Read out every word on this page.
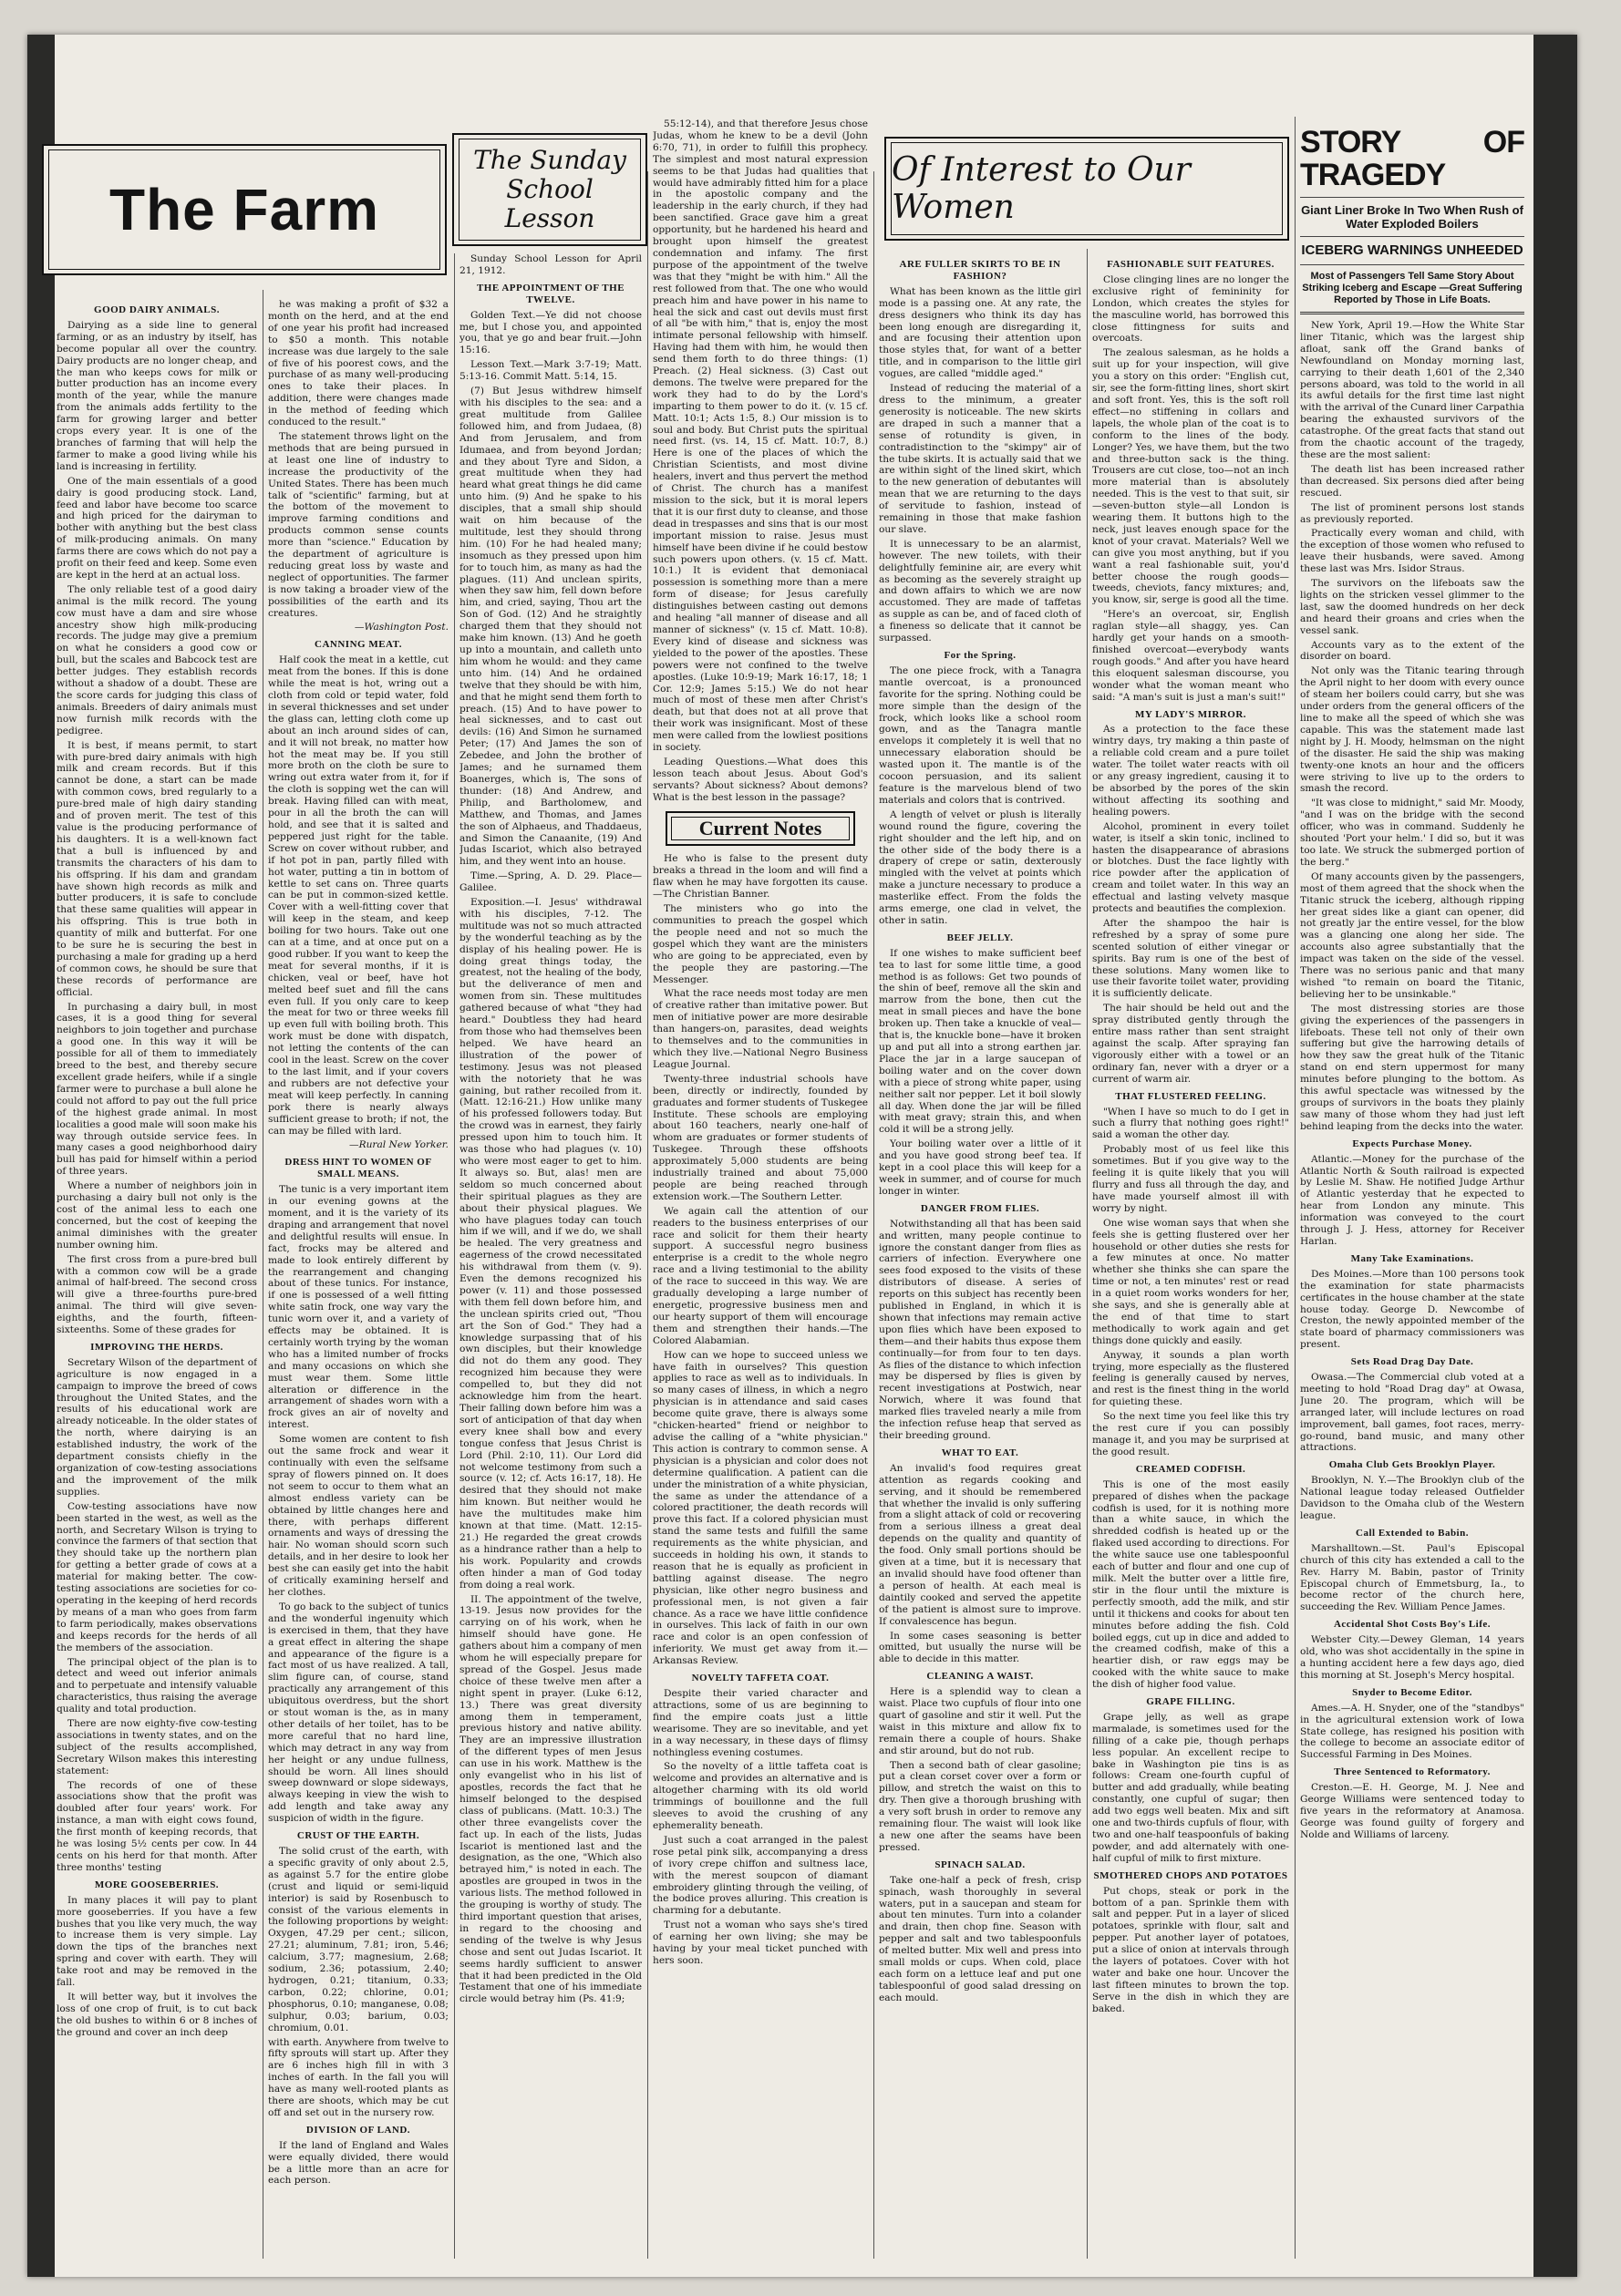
The Farm
The Sunday
School Lesson
Of Interest to Our Women
GOOD DAIRY ANIMALS.

Dairying as a side line to general farming, or as an industry by itself, has become popular all over the country. Dairy products are no longer cheap, and the man who keeps cows for milk or butter production has an income every month of the year, while the manure from the animals adds fertility to the farm for growing larger and better crops every year. It is one of the branches of farming that will help the farmer to make a good living while his land is increasing in fertility.

One of the main essentials of a good dairy is good producing stock. Land, feed and labor have become too scarce and high priced for the dairyman to bother with anything but the best class of milk-producing animals. On many farms there are cows which do not pay a profit on their feed and keep. Some even are kept in the herd at an actual loss.

The only reliable test of a good dairy animal is the milk record. The young cow must have a dam and sire whose ancestry show high milk-producing records. The judge may give a premium on what he considers a good cow or bull, but the scales and Babcock test are better judges. They establish records without a shadow of a doubt. These are the score cards for judging this class of animals. Breeders of dairy animals must now furnish milk records with the pedigree.

It is best, if means permit, to start with pure-bred dairy animals with high milk and cream records. But if this cannot be done, a start can be made with common cows, bred regularly to a pure-bred male of high dairy standing and of proven merit. The test of this value is the producing performance of his daughters. It is a well-known fact that a bull is influenced by and transmits the characters of his dam to his offspring. If his dam and grandam have shown high records as milk and butter producers, it is safe to conclude that these same qualities will appear in his offspring. This is true both in quantity of milk and butterfat. For one to be sure he is securing the best in purchasing a male for grading up a herd of common cows, he should be sure that these records of performance are official.

In purchasing a dairy bull, in most cases, it is a good thing for several neighbors to join together and purchase a good one. In this way it will be possible for all of them to immediately breed to the best, and thereby secure excellent grade heifers, while if a single farmer were to purchase a bull alone he could not afford to pay out the full price of the highest grade animal. In most localities a good male will soon make his way through outside service fees. In many cases a good neighborhood dairy bull has paid for himself within a period of three years.

Where a number of neighbors join in purchasing a dairy bull not only is the cost of the animal less to each one concerned, but the cost of keeping the animal diminishes with the greater number owning him.

The first cross from a pure-bred bull with a common cow will be a grade animal of half-breed. The second cross will give a three-fourths pure-bred animal. The third will give seven-eighths, and the fourth, fifteen-sixteenths. Some of these grades for

IMPROVING THE HERDS.

Secretary Wilson of the department of agriculture is now engaged in a campaign to improve the breed of cows throughout the United States, and the results of his educational work are already noticeable. In the older states of the north, where dairying is an established industry, the work of the department consists chiefly in the organization of cow-testing associations and the improvement of the milk supplies.

Cow-testing associations have now been started in the west, as well as the north, and Secretary Wilson is trying to convince the farmers of that section that they should take up the northern plan for getting a better grade of cows at a material for making better. The cow-testing associations are societies for co-operating in the keeping of herd records by means of a man who goes from farm to farm periodically, makes observations and keeps records for the herds of all the members of the association.

The principal object of the plan is to detect and weed out inferior animals and to perpetuate and intensify valuable characteristics, thus raising the average quality and total production.

There are now eighty-five cow-testing associations in twenty states, and on the subject of the results accomplished, Secretary Wilson makes this interesting statement:

The records of one of these associations show that the profit was doubled after four years' work. For instance, a man with eight cows found, the first month of keeping records, that he was losing 5½ cents per cow. In 44 cents on his herd for that month. After three months' testing

MORE GOOSEBERRIES.

In many places it will pay to plant more gooseberries. If you have a few bushes that you like very much, the way to increase them is very simple. Lay down the tips of the branches next spring and cover with earth. They will take root and may be removed in the fall.

It will better way, but it involves the loss of one crop of fruit, is to cut back the old bushes to within 6 or 8 inches of the ground and cover an inch deep

he was making a profit of $32 a month on the herd, and at the end of one year his profit had increased to $50 a month. This notable increase was due largely to the sale of five of his poorest cows, and the purchase of as many well-producing ones to take their places. In addition, there were changes made in the method of feeding which conduced to the result."

The statement throws light on the methods that are being pursued in at least one line of industry to increase the productivity of the United States. There has been much talk of "scientific" farming, but at the bottom of the movement to improve farming conditions and products common sense counts more than "science." Education by the department of agriculture is reducing great loss by waste and neglect of opportunities. The farmer is now taking a broader view of the possibilities of the earth and its creatures.

—Washington Post.
CANNING MEAT.

Half cook the meat in a kettle, cut meat from the bones. If this is done while the meat is hot, wring out a cloth from cold or tepid water, fold in several thicknesses and set under the glass can, letting cloth come up about an inch around sides of can, and it will not break, no matter how hot the meat may be. If you still more broth on the cloth be sure to wring out extra water from it, for if the cloth is sopping wet the can will break. Having filled can with meat, pour in all the broth the can will hold, and see that it is salted and peppered just right for the table. Screw on cover without rubber, and if hot pot in pan, partly filled with hot water, putting a tin in bottom of kettle to set cans on. Three quarts can be put in common-sized kettle. Cover with a well-fitting cover that will keep in the steam, and keep boiling for two hours. Take out one can at a time, and at once put on a good rubber. If you want to keep the meat for several months, if it is chicken, veal or beef, have hot melted beef suet and fill the cans even full. If you only care to keep the meat for two or three weeks fill up even full with boiling broth. This work must be done with dispatch, not letting the contents of the can cool in the least. Screw on the cover to the last limit, and if your covers and rubbers are not defective your meat will keep perfectly. In canning pork there is nearly always sufficient grease to broth; if not, the can may be filled with lard.

—Rural New Yorker.
DRESS HINT TO WOMEN OF SMALL MEANS.

The tunic is a very important item in our evening gowns at the moment, and it is the variety of its draping and arrangement that novel and delightful results will ensue. In fact, frocks may be altered and made to look entirely different by the rearrangement and changing about of these tunics. For instance, if one is possessed of a well fitting white satin frock, one way vary the tunic worn over it, and a variety of effects may be obtained. It is certainly worth trying by the woman who has a limited number of frocks and many occasions on which she must wear them. Some little alteration or difference in the arrangement of shades worn with a frock gives an air of novelty and interest.

Some women are content to fish out the same frock and wear it continually with even the selfsame spray of flowers pinned on. It does not seem to occur to them what an almost endless variety can be obtained by little changes here and there, with perhaps different ornaments and ways of dressing the hair. No woman should scorn such details, and in her desire to look her best she can easily get into the habit of critically examining herself and her clothes.

To go back to the subject of tunics and the wonderful ingenuity which is exercised in them, that they have a great effect in altering the shape and appearance of the figure is a fact most of us have realized. A tall, slim figure can, of course, stand practically any arrangement of this ubiquitous overdress, but the short or stout woman is the, as in many other details of her toilet, has to be more careful that no hard line, which may detract in any way from her height or any undue fullness, should be worn. All lines should sweep downward or slope sideways, always keeping in view the wish to add length and take away any suspicion of width in the figure.

CRUST OF THE EARTH.

The solid crust of the earth, with a specific gravity of only about 2.5, as against 5.7 for the entire globe (crust and liquid or semi-liquid interior) is said by Rosenbusch to consist of the various elements in the following proportions by weight: Oxygen, 47.29 per cent.; silicon, 27.21; aluminum, 7.81; iron, 5.46; calcium, 3.77; magnesium, 2.68; sodium, 2.36; potassium, 2.40; hydrogen, 0.21; titanium, 0.33; carbon, 0.22; chlorine, 0.01; phosphorus, 0.10; manganese, 0.08; sulphur, 0.03; barium, 0.03; chromium, 0.01.

with earth. Anywhere from twelve to fifty sprouts will start up. After they are 6 inches high fill in with 3 inches of earth. In the fall you will have as many well-rooted plants as there are shoots, which may be cut off and set out in the nursery row.

DIVISION OF LAND.

If the land of England and Wales were equally divided, there would be a little more than an acre for each person.

Sunday School Lesson for April 21, 1912.

THE APPOINTMENT OF THE TWELVE.

Golden Text.—Ye did not choose me, but I chose you, and appointed you, that ye go and bear fruit.—John 15:16.

Lesson Text.—Mark 3:7-19; Matt. 5:13-16. Commit Matt. 5:14, 15.

(7) But Jesus withdrew himself with his disciples to the sea: and a great multitude from Galilee followed him, and from Judaea, (8) And from Jerusalem, and from Idumaea, and from beyond Jordan; and they about Tyre and Sidon, a great multitude when they had heard what great things he did came unto him. (9) And he spake to his disciples, that a small ship should wait on him because of the multitude, lest they should throng him. (10) For he had healed many; insomuch as they pressed upon him for to touch him, as many as had the plagues. (11) And unclean spirits, when they saw him, fell down before him, and cried, saying, Thou art the Son of God. (12) And he straightly charged them that they should not make him known. (13) And he goeth up into a mountain, and calleth unto him whom he would: and they came unto him. (14) And he ordained twelve that they should be with him, and that he might send them forth to preach. (15) And to have power to heal sicknesses, and to cast out devils: (16) And Simon he surnamed Peter; (17) And James the son of Zebedee, and John the brother of James; and he surnamed them Boanerges, which is, The sons of thunder: (18) And Andrew, and Philip, and Bartholomew, and Matthew, and Thomas, and James the son of Alphaeus, and Thaddaeus, and Simon the Canaanite, (19) And Judas Iscariot, which also betrayed him, and they went into an house.

Time.—Spring, A. D. 29. Place—Galilee.

Exposition.—I. Jesus' withdrawal with his disciples, 7-12. The multitude was not so much attracted by the wonderful teaching as by the display of his healing power. He is doing great things today, the greatest, not the healing of the body, but the deliverance of men and women from sin. These multitudes gathered because of what "they had heard." Doubtless they had heard from those who had themselves been helped. We have heard an illustration of the power of testimony. Jesus was not pleased with the notoriety that he was gaining, but rather recoiled from it. (Matt. 12:16-21.) How unlike many of his professed followers today. But the crowd was in earnest, they fairly pressed upon him to touch him. It was those who had plagues (v. 10) who were most eager to get to him. It always so. But, alas! men are seldom so much concerned about their spiritual plagues as they are about their physical plagues. We who have plagues today can touch him if we will, and if we do, we shall be healed. The very greatness and eagerness of the crowd necessitated his withdrawal from them (v. 9). Even the demons recognized his power (v. 11) and those possessed with them fell down before him, and the unclean spirits cried out, "Thou art the Son of God." They had a knowledge surpassing that of his own disciples, but their knowledge did not do them any good. They recognized him because they were compelled to, but they did not acknowledge him from the heart. Their falling down before him was a sort of anticipation of that day when every knee shall bow and every tongue confess that Jesus Christ is Lord (Phil. 2:10, 11). Our Lord did not welcome testimony from such a source (v. 12; cf. Acts 16:17, 18). He desired that they should not make him known. But neither would he have the multitudes make him known at that time. (Matt. 12:15-21.) He regarded the great crowds as a hindrance rather than a help to his work. Popularity and crowds often hinder a man of God today from doing a real work.

II. The appointment of the twelve, 13-19. Jesus now provides for the carrying on of his work, when he himself should have gone. He gathers about him a company of men whom he will especially prepare for spread of the Gospel. Jesus made choice of these twelve men after a night spent in prayer. (Luke 6:12, 13.) There was great diversity among them in temperament, previous history and native ability. They are an impressive illustration of the different types of men Jesus can use in his work. Matthew is the only evangelist who in his list of apostles, records the fact that he himself belonged to the despised class of publicans. (Matt. 10:3.) The other three evangelists cover the fact up. In each of the lists, Judas Iscariot is mentioned last and the designation, as the one, "Which also betrayed him," is noted in each. The apostles are grouped in twos in the various lists. The method followed in the grouping is worthy of study. The third important question that arises, in regard to the choosing and sending of the twelve is why Jesus chose and sent out Judas Iscariot. It seems hardly sufficient to answer that it had been predicted in the Old Testament that one of his immediate circle would betray him (Ps. 41:9;

55:12-14), and that therefore Jesus chose Judas, whom he knew to be a devil (John 6:70, 71), in order to fulfill this prophecy. The simplest and most natural expression seems to be that Judas had qualities that would have admirably fitted him for a place in the apostolic company and the leadership in the early church, if they had been sanctified. Grace gave him a great opportunity, but he hardened his heard and brought upon himself the greatest condemnation and infamy. The first purpose of the appointment of the twelve was that they "might be with him." All the rest followed from that. The one who would preach him and have power in his name to heal the sick and cast out devils must first of all "be with him," that is, enjoy the most intimate personal fellowship with himself. Having had them with him, he would then send them forth to do three things: (1) Preach. (2) Heal sickness. (3) Cast out demons. The twelve were prepared for the work they had to do by the Lord's imparting to them power to do it. (v. 15 cf. Matt. 10:1; Acts 1:5, 8.) Our mission is to soul and body. But Christ puts the spiritual need first. (vs. 14, 15 cf. Matt. 10:7, 8.) Here is one of the places of which the Christian Scientists, and most divine healers, invert and thus pervert the method of Christ. The church has a manifest mission to the sick, but it is moral lepers that it is our first duty to cleanse, and those dead in trespasses and sins that is our most important mission to raise. Jesus must himself have been divine if he could bestow such powers upon others. (v. 15 cf. Matt. 10:1.) It is evident that demoniacal possession is something more than a mere form of disease; for Jesus carefully distinguishes between casting out demons and healing "all manner of disease and all manner of sickness" (v. 15 cf. Matt. 10:8). Every kind of disease and sickness was yielded to the power of the apostles. These powers were not confined to the twelve apostles. (Luke 10:9-19; Mark 16:17, 18; 1 Cor. 12:9; James 5:15.) We do not hear much of most of these men after Christ's death, but that does not at all prove that their work was insignificant. Most of these men were called from the lowliest positions in society.

Leading Questions.—What does this lesson teach about Jesus. About God's servants? About sickness? About demons? What is the best lesson in the passage?

Current Notes

He who is false to the present duty breaks a thread in the loom and will find a flaw when he may have forgotten its cause.—The Christian Banner.

The ministers who go into the communities to preach the gospel which the people need and not so much the gospel which they want are the ministers who are going to be appreciated, even by the people they are pastoring.—The Messenger.

What the race needs most today are men of creative rather than imitative power. But men of initiative power are more desirable than hangers-on, parasites, dead weights to themselves and to the communities in which they live.—National Negro Business League Journal.

Twenty-three industrial schools have been, directly or indirectly, founded by graduates and former students of Tuskegee Institute. These schools are employing about 160 teachers, nearly one-half of whom are graduates or former students of Tuskegee. Through these offshoots approximately 5,000 students are being industrially trained and about 75,000 people are being reached through extension work.—The Southern Letter.

We again call the attention of our readers to the business enterprises of our race and solicit for them their hearty support. A successful negro business enterprise is a credit to the whole negro race and a living testimonial to the ability of the race to succeed in this way. We are gradually developing a large number of energetic, progressive business men and our hearty support of them will encourage them and strengthen their hands.—The Colored Alabamian.

How can we hope to succeed unless we have faith in ourselves? This question applies to race as well as to individuals. In so many cases of illness, in which a negro physician is in attendance and said cases become quite grave, there is always some "chicken-hearted" friend or neighbor to advise the calling of a "white physician." This action is contrary to common sense. A physician is a physician and color does not determine qualification. A patient can die under the ministration of a white physician, the same as under the attendance of a colored practitioner, the death records will prove this fact. If a colored physician must stand the same tests and fulfill the same requirements as the white physician, and succeeds in holding his own, it stands to reason that he is equally as proficient in battling against disease. The negro physician, like other negro business and professional men, is not given a fair chance. As a race we have little confidence in ourselves. This lack of faith in our own race and color is an open confession of inferiority. We must get away from it.—Arkansas Review.

NOVELTY TAFFETA COAT.

Despite their varied character and attractions, some of us are beginning to find the empire coats just a little wearisome. They are so inevitable, and yet in a way necessary, in these days of flimsy nothingless evening costumes.

So the novelty of a little taffeta coat is welcome and provides an alternative and is altogether charming with its old world trimmings of bouillonne and the full sleeves to avoid the crushing of any ephemerality beneath.

Just such a coat arranged in the palest rose petal pink silk, accompanying a dress of ivory crepe chiffon and sultness lace, with the merest soupcon of diamant embroidery glinting through the veiling, of the bodice proves alluring. This creation is charming for a debutante.

Trust not a woman who says she's tired of earning her own living; she may be having by your meal ticket punched with hers soon.

ARE FULLER SKIRTS TO BE IN FASHION?

What has been known as the little girl mode is a passing one. At any rate, the dress designers who think its day has been long enough are disregarding it, and are focusing their attention upon those styles that, for want of a better title, and in comparison to the little girl vogues, are called "middle aged."

Instead of reducing the material of a dress to the minimum, a greater generosity is noticeable. The new skirts are draped in such a manner that a sense of rotundity is given, in contradistinction to the "skimpy" air of the tube skirts. It is actually said that we are within sight of the lined skirt, which to the new generation of debutantes will mean that we are returning to the days of servitude to fashion, instead of remaining in those that make fashion our slave.

It is unnecessary to be an alarmist, however. The new toilets, with their delightfully feminine air, are every whit as becoming as the severely straight up and down affairs to which we are now accustomed. They are made of taffetas as supple as can be, and of faced cloth of a fineness so delicate that it cannot be surpassed.

For the Spring.

The one piece frock, with a Tanagra mantle overcoat, is a pronounced favorite for the spring. Nothing could be more simple than the design of the frock, which looks like a school room gown, and as the Tanagra mantle envelops it completely it is well that no unnecessary elaboration should be wasted upon it. The mantle is of the cocoon persuasion, and its salient feature is the marvelous blend of two materials and colors that is contrived.

A length of velvet or plush is literally wound round the figure, covering the right shoulder and the left hip, and on the other side of the body there is a drapery of crepe or satin, dexterously mingled with the velvet at points which make a juncture necessary to produce a masterlike effect. From the folds the arms emerge, one clad in velvet, the other in satin.

BEEF JELLY.

If one wishes to make sufficient beef tea to last for some little time, a good method is as follows: Get two pounds of the shin of beef, remove all the skin and marrow from the bone, then cut the meat in small pieces and have the bone broken up. Then take a knuckle of veal—that is, the knuckle bone—have it broken up and put all into a strong earthen jar. Place the jar in a large saucepan of boiling water and on the cover down with a piece of strong white paper, using neither salt nor pepper. Let it boil slowly all day. When done the jar will be filled with meat gravy; strain this, and when cold it will be a strong jelly.

Your boiling water over a little of it and you have good strong beef tea. If kept in a cool place this will keep for a week in summer, and of course for much longer in winter.

DANGER FROM FLIES.

Notwithstanding all that has been said and written, many people continue to ignore the constant danger from flies as carriers of infection. Everywhere one sees food exposed to the visits of these distributors of disease. A series of reports on this subject has recently been published in England, in which it is shown that infections may remain active upon flies which have been exposed to them—and their habits thus expose them continually—for from four to ten days. As flies of the distance to which infection may be dispersed by flies is given by recent investigations at Postwich, near Norwich, where it was found that marked flies traveled nearly a mile from the infection refuse heap that served as their breeding ground.

WHAT TO EAT.

An invalid's food requires great attention as regards cooking and serving, and it should be remembered that whether the invalid is only suffering from a slight attack of cold or recovering from a serious illness a great deal depends on the quality and quantity of the food. Only small portions should be given at a time, but it is necessary that an invalid should have food oftener than a person of health. At each meal is daintily cooked and served the appetite of the patient is almost sure to improve. If convalescence has begun.

In some cases seasoning is better omitted, but usually the nurse will be able to decide in this matter.

CLEANING A WAIST.

Here is a splendid way to clean a waist. Place two cupfuls of flour into one quart of gasoline and stir it well. Put the waist in this mixture and allow fix to remain there a couple of hours. Shake and stir around, but do not rub.

Then a second bath of clear gasoline; put a clean corset cover over a form or pillow, and stretch the waist on this to dry. Then give a thorough brushing with a very soft brush in order to remove any remaining flour. The waist will look like a new one after the seams have been pressed.

SPINACH SALAD.

Take one-half a peck of fresh, crisp spinach, wash thoroughly in several waters, put in a saucepan and steam for about ten minutes. Turn into a colander and drain, then chop fine. Season with pepper and salt and two tablespoonfuls of melted butter. Mix well and press into small molds or cups. When cold, place each form on a lettuce leaf and put one tablespoonful of good salad dressing on each mould.

FASHIONABLE SUIT FEATURES.

Close clinging lines are no longer the exclusive right of femininity for London, which creates the styles for the masculine world, has borrowed this close fittingness for suits and overcoats.

The zealous salesman, as he holds a suit up for your inspection, will give you a story on this order: "English cut, sir, see the form-fitting lines, short skirt and soft front. Yes, this is the soft roll effect—no stiffening in collars and lapels, the whole plan of the coat is to conform to the lines of the body. Longer? Yes, we have them, but the two and three-button sack is the thing. Trousers are cut close, too—not an inch more material than is absolutely needed. This is the vest to that suit, sir—seven-button style—all London is wearing them. It buttons high to the neck, just leaves enough space for the knot of your cravat. Materials? Well we can give you most anything, but if you want a real fashionable suit, you'd better choose the rough goods—tweeds, cheviots, fancy mixtures; and, you know, sir, serge is good all the time.

"Here's an overcoat, sir, English raglan style—all shaggy, yes. Can hardly get your hands on a smooth-finished overcoat—everybody wants rough goods." And after you have heard this eloquent salesman discourse, you wonder what the woman meant who said: "A man's suit is just a man's suit!"

MY LADY'S MIRROR.

As a protection to the face these wintry days, try making a thin paste of a reliable cold cream and a pure toilet water. The toilet water reacts with oil or any greasy ingredient, causing it to be absorbed by the pores of the skin without affecting its soothing and healing powers.

Alcohol, prominent in every toilet water, is itself a skin tonic, inclined to hasten the disappearance of abrasions or blotches. Dust the face lightly with rice powder after the application of cream and toilet water. In this way an effectual and lasting velvety masque protects and beautifies the complexion.

After the shampoo the hair is refreshed by a spray of some pure scented solution of either vinegar or spirits. Bay rum is one of the best of these solutions. Many women like to use their favorite toilet water, providing it is sufficiently delicate.

The hair should be held out and the spray distributed gently through the entire mass rather than sent straight against the scalp. After spraying fan vigorously either with a towel or an ordinary fan, never with a dryer or a current of warm air.

THAT FLUSTERED FEELING.

"When I have so much to do I get in such a flurry that nothing goes right!" said a woman the other day.

Probably most of us feel like this sometimes. But if you give way to the feeling it is quite likely that you will flurry and fuss all through the day, and have made yourself almost ill with worry by night.

One wise woman says that when she feels she is getting flustered over her household or other duties she rests for a few minutes at once. No matter whether she thinks she can spare the time or not, a ten minutes' rest or read in a quiet room works wonders for her, she says, and she is generally able at the end of that time to start methodically to work again and get things done quickly and easily.

Anyway, it sounds a plan worth trying, more especially as the flustered feeling is generally caused by nerves, and rest is the finest thing in the world for quieting these.

So the next time you feel like this try the rest cure if you can possibly manage it, and you may be surprised at the good result.

CREAMED CODFISH.

This is one of the most easily prepared of dishes when the package codfish is used, for it is nothing more than a white sauce, in which the shredded codfish is heated up or the flaked used according to directions. For the white sauce use one tablespoonful each of butter and flour and one cup of milk. Melt the butter over a little fire, stir in the flour until the mixture is perfectly smooth, add the milk, and stir until it thickens and cooks for about ten minutes before adding the fish. Cold boiled eggs, cut up in dice and added to the creamed codfish, make of this a heartier dish, or raw eggs may be cooked with the white sauce to make the dish of higher food value.

GRAPE FILLING.

Grape jelly, as well as grape marmalade, is sometimes used for the filling of a cake pie, though perhaps less popular. An excellent recipe to bake in Washington pie tins is as follows: Cream one-fourth cupful of butter and add gradually, while beating constantly, one cupful of sugar; then add two eggs well beaten. Mix and sift one and two-thirds cupfuls of flour, with two and one-half teaspoonfuls of baking powder, and add alternately with one-half cupful of milk to first mixture.

SMOTHERED CHOPS AND POTATOES

Put chops, steak or pork in the bottom of a pan. Sprinkle them with salt and pepper. Put in a layer of sliced potatoes, sprinkle with flour, salt and pepper. Put another layer of potatoes, put a slice of onion at intervals through the layers of potatoes. Cover with hot water and bake one hour. Uncover the last fifteen minutes to brown the top. Serve in the dish in which they are baked.

STORY OF TRAGEDY
Giant Liner Broke In Two When Rush of Water Exploded Boilers
ICEBERG WARNINGS UNHEEDED
Most of Passengers Tell Same Story About Striking Iceberg and Escape —Great Suffering Reported by Those in Life Boats.

New York, April 19.—How the White Star liner Titanic, which was the largest ship afloat, sank off the Grand banks of Newfoundland on Monday morning last, carrying to their death 1,601 of the 2,340 persons aboard, was told to the world in all its awful details for the first time last night with the arrival of the Cunard liner Carpathia bearing the exhausted survivors of the catastrophe. Of the great facts that stand out from the chaotic account of the tragedy, these are the most salient:

The death list has been increased rather than decreased. Six persons died after being rescued.

The list of prominent persons lost stands as previously reported.

Practically every woman and child, with the exception of those women who refused to leave their husbands, were saved. Among these last was Mrs. Isidor Straus.

The survivors on the lifeboats saw the lights on the stricken vessel glimmer to the last, saw the doomed hundreds on her deck and heard their groans and cries when the vessel sank.

Accounts vary as to the extent of the disorder on board.

Not only was the Titanic tearing through the April night to her doom with every ounce of steam her boilers could carry, but she was under orders from the general officers of the line to make all the speed of which she was capable. This was the statement made last night by J. H. Moody, helmsman on the night of the disaster. He said the ship was making twenty-one knots an hour and the officers were striving to live up to the orders to smash the record.

"It was close to midnight," said Mr. Moody, "and I was on the bridge with the second officer, who was in command. Suddenly he shouted 'Port your helm.' I did so, but it was too late. We struck the submerged portion of the berg."

Of many accounts given by the passengers, most of them agreed that the shock when the Titanic struck the iceberg, although ripping her great sides like a giant can opener, did not greatly jar the entire vessel, for the blow was a glancing one along her side. The accounts also agree substantially that the impact was taken on the side of the vessel. There was no serious panic and that many wished "to remain on board the Titanic, believing her to be unsinkable."

The most distressing stories are those giving the experiences of the passengers in lifeboats. These tell not only of their own suffering but give the harrowing details of how they saw the great hulk of the Titanic stand on end stern uppermost for many minutes before plunging to the bottom. As this awful spectacle was witnessed by the groups of survivors in the boats they plainly saw many of those whom they had just left behind leaping from the decks into the water.

Expects Purchase Money.

Atlantic.—Money for the purchase of the Atlantic North & South railroad is expected by Leslie M. Shaw. He notified Judge Arthur of Atlantic yesterday that he expected to hear from London any minute. This information was conveyed to the court through J. J. Hess, attorney for Receiver Harlan.

Many Take Examinations.

Des Moines.—More than 100 persons took the examination for state pharmacists certificates in the house chamber at the state house today. George D. Newcombe of Creston, the newly appointed member of the state board of pharmacy commissioners was present.

Sets Road Drag Day Date.

Owasa.—The Commercial club voted at a meeting to hold "Road Drag day" at Owasa, June 20. The program, which will be arranged later, will include lectures on road improvement, ball games, foot races, merry-go-round, band music, and many other attractions.

Omaha Club Gets Brooklyn Player.

Brooklyn, N. Y.—The Brooklyn club of the National league today released Outfielder Davidson to the Omaha club of the Western league.

Call Extended to Babin.

Marshalltown.—St. Paul's Episcopal church of this city has extended a call to the Rev. Harry M. Babin, pastor of Trinity Episcopal church of Emmetsburg, Ia., to become rector of the church here, succeeding the Rev. William Pence James.

Accidental Shot Costs Boy's Life.

Webster City.—Dewey Gleman, 14 years old, who was shot accidentally in the spine in a hunting accident here a few days ago, died this morning at St. Joseph's Mercy hospital.

Snyder to Become Editor.

Ames.—A. H. Snyder, one of the "standbys" in the agricultural extension work of Iowa State college, has resigned his position with the college to become an associate editor of Successful Farming in Des Moines.

Three Sentenced to Reformatory.

Creston.—E. H. George, M. J. Nee and George Williams were sentenced today to five years in the reformatory at Anamosa. George was found guilty of forgery and Nolde and Williams of larceny.
